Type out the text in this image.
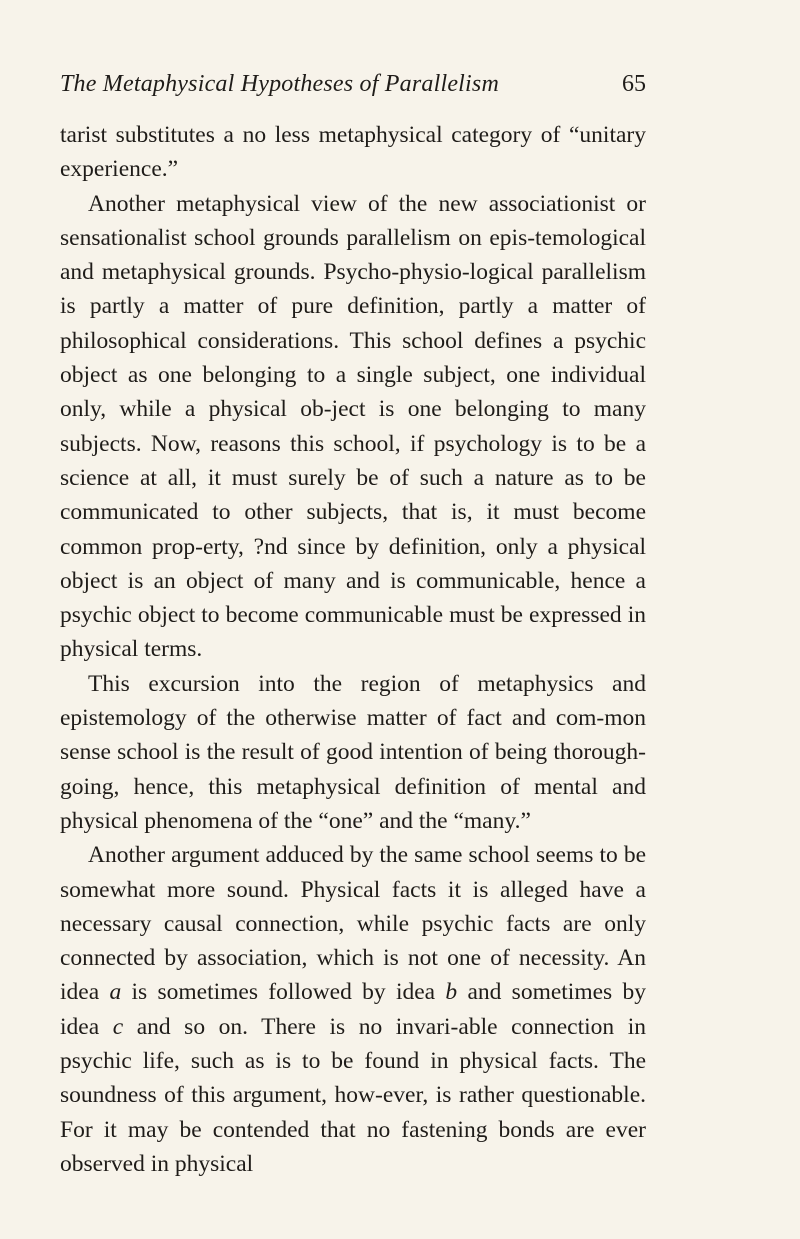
The Metaphysical Hypotheses of Parallelism	65

tarist substitutes a no less metaphysical category of “unitary experience.”

Another metaphysical view of the new associationist or sensationalist school grounds parallelism on epis-temological and metaphysical grounds. Psycho-physio-logical parallelism is partly a matter of pure definition, partly a matter of philosophical considerations. This school defines a psychic object as one belonging to a single subject, one individual only, while a physical ob-ject is one belonging to many subjects. Now, reasons this school, if psychology is to be a science at all, it must surely be of such a nature as to be communicated to other subjects, that is, it must become common prop-erty, ?nd since by definition, only a physical object is an object of many and is communicable, hence a psychic object to become communicable must be expressed in physical terms.

This excursion into the region of metaphysics and epistemology of the otherwise matter of fact and com-mon sense school is the result of good intention of being thorough-going, hence, this metaphysical definition of mental and physical phenomena of the “one” and the “many.”

Another argument adduced by the same school seems to be somewhat more sound. Physical facts it is alleged have a necessary causal connection, while psychic facts are only connected by association, which is not one of necessity. An idea a is sometimes followed by idea b and sometimes by idea c and so on. There is no invari-able connection in psychic life, such as is to be found in physical facts. The soundness of this argument, how-ever, is rather questionable. For it may be contended that no fastening bonds are ever observed in physical
